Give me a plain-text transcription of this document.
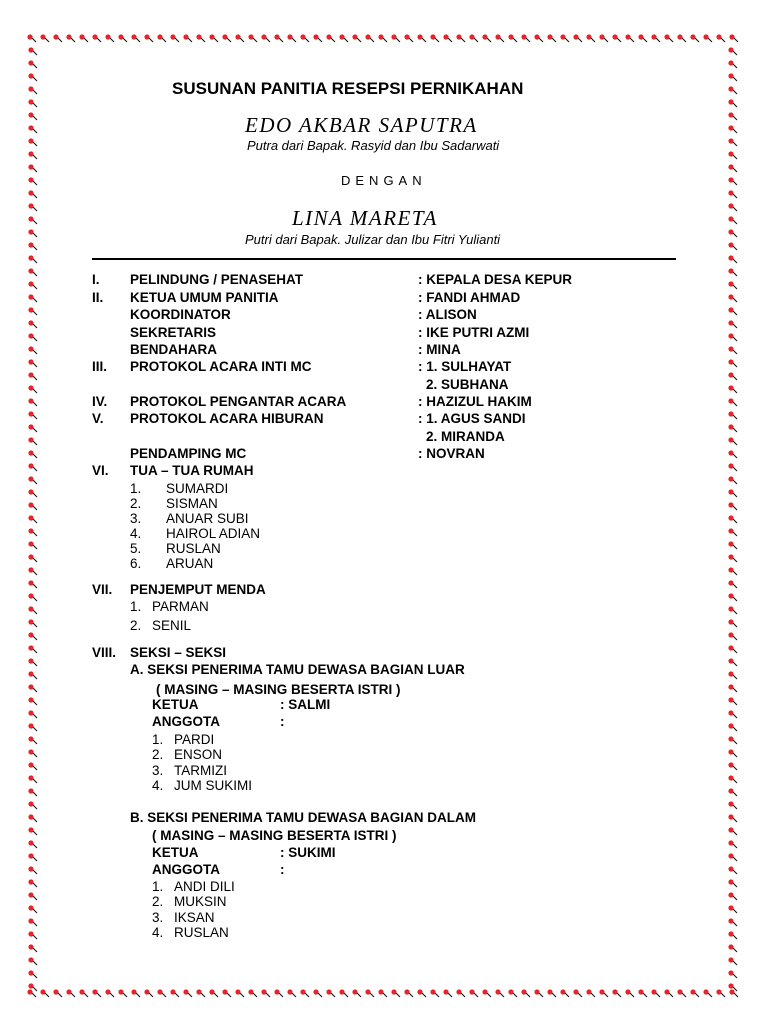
SUSUNAN PANITIA RESEPSI PERNIKAHAN
EDO AKBAR SAPUTRA
Putra dari Bapak. Rasyid dan Ibu Sadarwati
DENGAN
LINA MARETA
Putri dari Bapak. Julizar dan Ibu Fitri Yulianti
I. PELINDUNG / PENASEHAT	: KEPALA DESA KEPUR
II. KETUA UMUM PANITIA	: FANDI AHMAD
KOORDINATOR	: ALISON
SEKRETARIS	: IKE PUTRI AZMI
BENDAHARA	: MINA
III. PROTOKOL ACARA INTI MC	: 1. SULHAYAT
2. SUBHANA
IV. PROTOKOL PENGANTAR ACARA	: HAZIZUL HAKIM
V. PROTOKOL ACARA HIBURAN	: 1. AGUS SANDI
2. MIRANDA
PENDAMPING MC	: NOVRAN
VI. TUA – TUA RUMAH
1. SUMARDI
2. SISMAN
3. ANUAR SUBI
4. HAIROL ADIAN
5. RUSLAN
6. ARUAN
VII. PENJEMPUT MENDA
1. PARMAN
2. SENIL
VIII. SEKSI – SEKSI
A. SEKSI PENERIMA TAMU DEWASA BAGIAN LUAR
( MASING – MASING BESERTA ISTRI )
KETUA	: SALMI
ANGGOTA	:
1. PARDI
2. ENSON
3. TARMIZI
4. JUM SUKIMI
B. SEKSI PENERIMA TAMU DEWASA BAGIAN DALAM
( MASING – MASING BESERTA ISTRI )
KETUA	: SUKIMI
ANGGOTA	:
1. ANDI DILI
2. MUKSIN
3. IKSAN
4. RUSLAN
